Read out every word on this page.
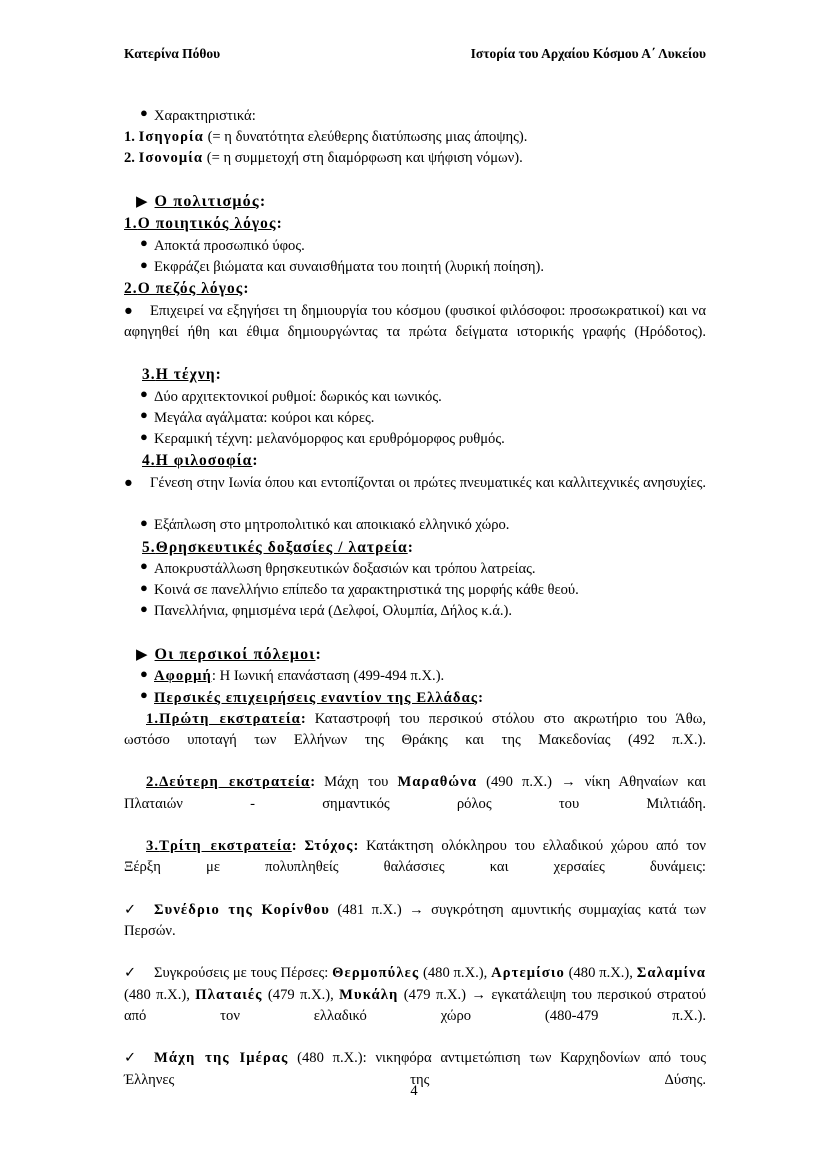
Κατερίνα Πόθου	Ιστορία του Αρχαίου Κόσμου Α΄ Λυκείου

● Χαρακτηριστικά:

1. Ισηγορία (= η δυνατότητα ελεύθερης διατύπωσης μιας άποψης).

2. Ισονομία (= η συμμετοχή στη διαμόρφωση και ψήφιση νόμων).

▶ Ο πολιτισμός:

1.Ο ποιητικός λόγος:

● Αποκτά προσωπικό ύφος.

● Εκφράζει βιώματα και συναισθήματα του ποιητή (λυρική ποίηση).

2.Ο πεζός λόγος:

● Επιχειρεί να εξηγήσει τη δημιουργία του κόσμου (φυσικοί φιλόσοφοι: προσωκρατικοί) και να αφηγηθεί ήθη και έθιμα δημιουργώντας τα πρώτα δείγματα ιστορικής γραφής (Ηρόδοτος).

3.Η τέχνη:

● Δύο αρχιτεκτονικοί ρυθμοί: δωρικός και ιωνικός.

● Μεγάλα αγάλματα: κούροι και κόρες.

● Κεραμική τέχνη: μελανόμορφος και ερυθρόμορφος ρυθμός.

4.Η φιλοσοφία:

● Γένεση στην Ιωνία όπου και εντοπίζονται οι πρώτες πνευματικές και καλλιτεχνικές ανησυχίες.

● Εξάπλωση στο μητροπολιτικό και αποικιακό ελληνικό χώρο.

5.Θρησκευτικές δοξασίες / λατρεία:

● Αποκρυστάλλωση θρησκευτικών δοξασιών και τρόπου λατρείας.

● Κοινά σε πανελλήνιο επίπεδο τα χαρακτηριστικά της μορφής κάθε θεού.

● Πανελλήνια, φημισμένα ιερά (Δελφοί, Ολυμπία, Δήλος κ.ά.).

▶ Οι περσικοί πόλεμοι:

● Αφορμή: Η Ιωνική επανάσταση (499-494 π.Χ.).

● Περσικές επιχειρήσεις εναντίον της Ελλάδας:

1.Πρώτη εκστρατεία: Καταστροφή του περσικού στόλου στο ακρωτήριο του Άθω, ωστόσο υποταγή των Ελλήνων της Θράκης και της Μακεδονίας (492 π.Χ.).

2.Δεύτερη εκστρατεία: Μάχη του Μαραθώνα (490 π.Χ.) → νίκη Αθηναίων και Πλαταιών - σημαντικός ρόλος του Μιλτιάδη.

3.Τρίτη εκστρατεία: Στόχος: Κατάκτηση ολόκληρου του ελλαδικού χώρου από τον Ξέρξη με πολυπληθείς θαλάσσιες και χερσαίες δυνάμεις:

✓ Συνέδριο της Κορίνθου (481 π.Χ.) → συγκρότηση αμυντικής συμμαχίας κατά των Περσών.

✓ Συγκρούσεις με τους Πέρσες: Θερμοπύλες (480 π.Χ.), Αρτεμίσιο (480 π.Χ.), Σαλαμίνα (480 π.Χ.), Πλαταιές (479 π.Χ.), Μυκάλη (479 π.Χ.) → εγκατάλειψη του περσικού στρατού από τον ελλαδικό χώρο (480-479 π.Χ.).

✓ Μάχη της Ιμέρας (480 π.Χ.): νικηφόρα αντιμετώπιση των Καρχηδονίων από τους Έλληνες της Δύσης.

4
